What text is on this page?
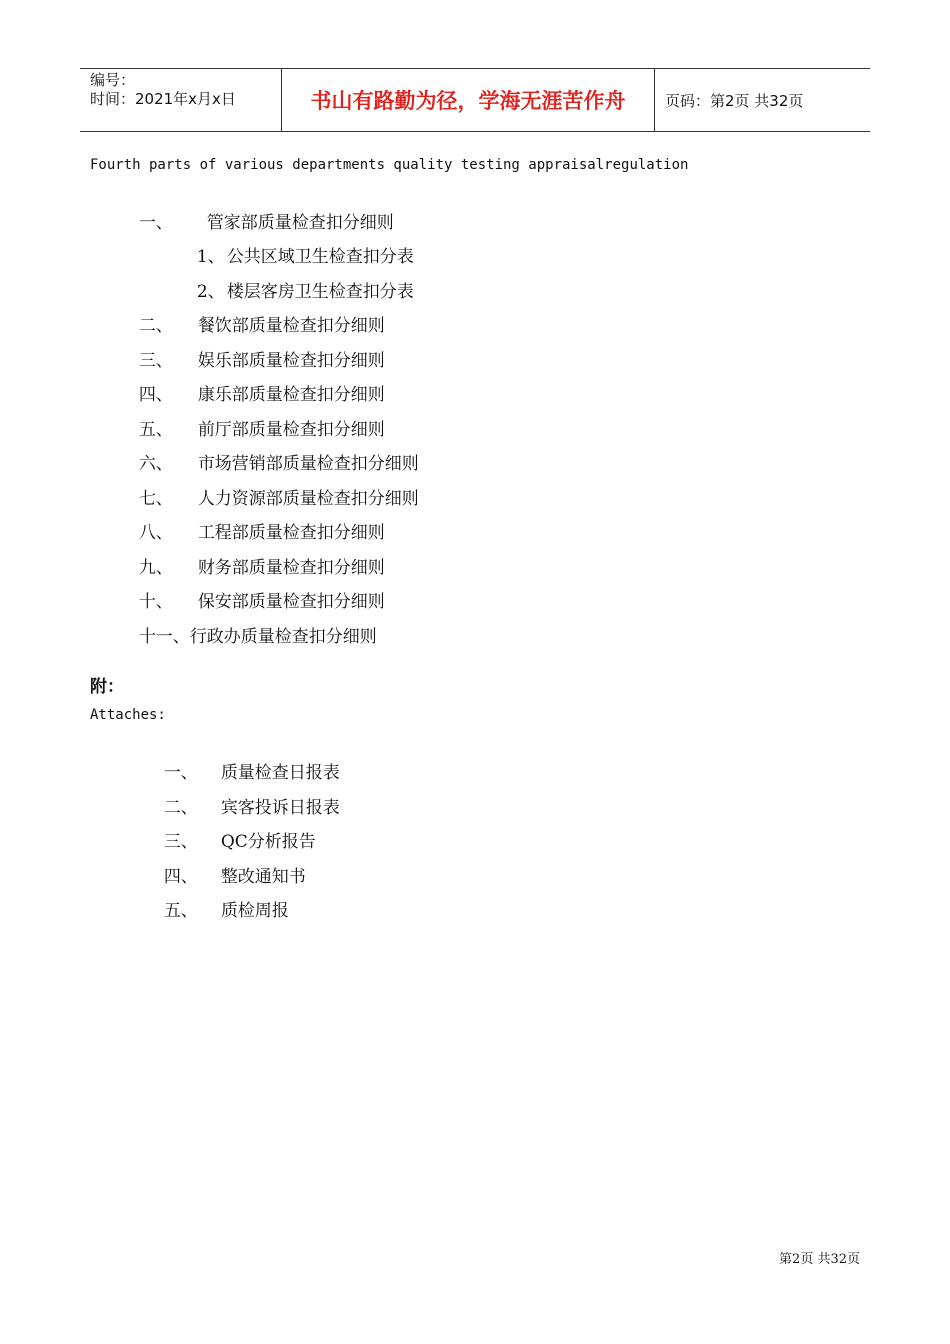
编号：
时间：2021年x月x日	书山有路勤为径，学海无涯苦作舟	页码：第2页 共32页
Fourth parts of various departments quality testing appraisalregulation

一、 管家部质量检查扣分细则

1、 公共区域卫生检查扣分表

2、 楼层客房卫生检查扣分表

二、 餐饮部质量检查扣分细则

三、 娱乐部质量检查扣分细则

四、 康乐部质量检查扣分细则

五、 前厅部质量检查扣分细则

六、 市场营销部质量检查扣分细则

七、 人力资源部质量检查扣分细则

八、 工程部质量检查扣分细则

九、 财务部质量检查扣分细则

十、 保安部质量检查扣分细则

十一、行政办质量检查扣分细则

附：
Attaches:

一、 质量检查日报表

二、 宾客投诉日报表

三、 QC分析报告

四、 整改通知书

五、 质检周报

第2页 共32页
